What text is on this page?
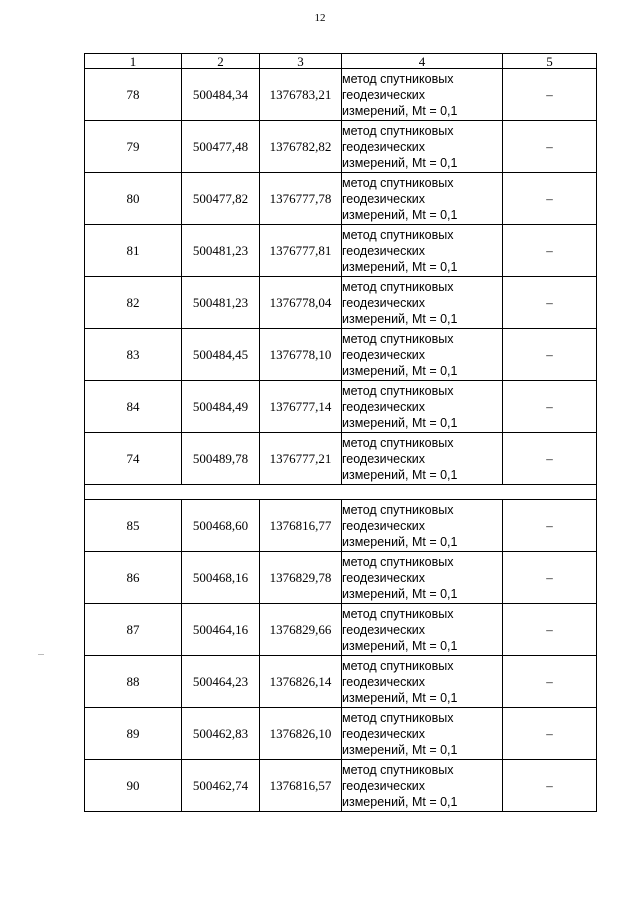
12
1	2	3	4	5
78	500484,34	1376783,21	метод спутниковых
геодезических
измерений, Mt = 0,1	–
79	500477,48	1376782,82	метод спутниковых
геодезических
измерений, Mt = 0,1	–
80	500477,82	1376777,78	метод спутниковых
геодезических
измерений, Mt = 0,1	–
81	500481,23	1376777,81	метод спутниковых
геодезических
измерений, Mt = 0,1	–
82	500481,23	1376778,04	метод спутниковых
геодезических
измерений, Mt = 0,1	–
83	500484,45	1376778,10	метод спутниковых
геодезических
измерений, Mt = 0,1	–
84	500484,49	1376777,14	метод спутниковых
геодезических
измерений, Mt = 0,1	–
74	500489,78	1376777,21	метод спутниковых
геодезических
измерений, Mt = 0,1	–

85	500468,60	1376816,77	метод спутниковых
геодезических
измерений, Mt = 0,1	–
86	500468,16	1376829,78	метод спутниковых
геодезических
измерений, Mt = 0,1	–
87	500464,16	1376829,66	метод спутниковых
геодезических
измерений, Mt = 0,1	–
88	500464,23	1376826,14	метод спутниковых
геодезических
измерений, Mt = 0,1	–
89	500462,83	1376826,10	метод спутниковых
геодезических
измерений, Mt = 0,1	–
90	500462,74	1376816,57	метод спутниковых
геодезических
измерений, Mt = 0,1	–
